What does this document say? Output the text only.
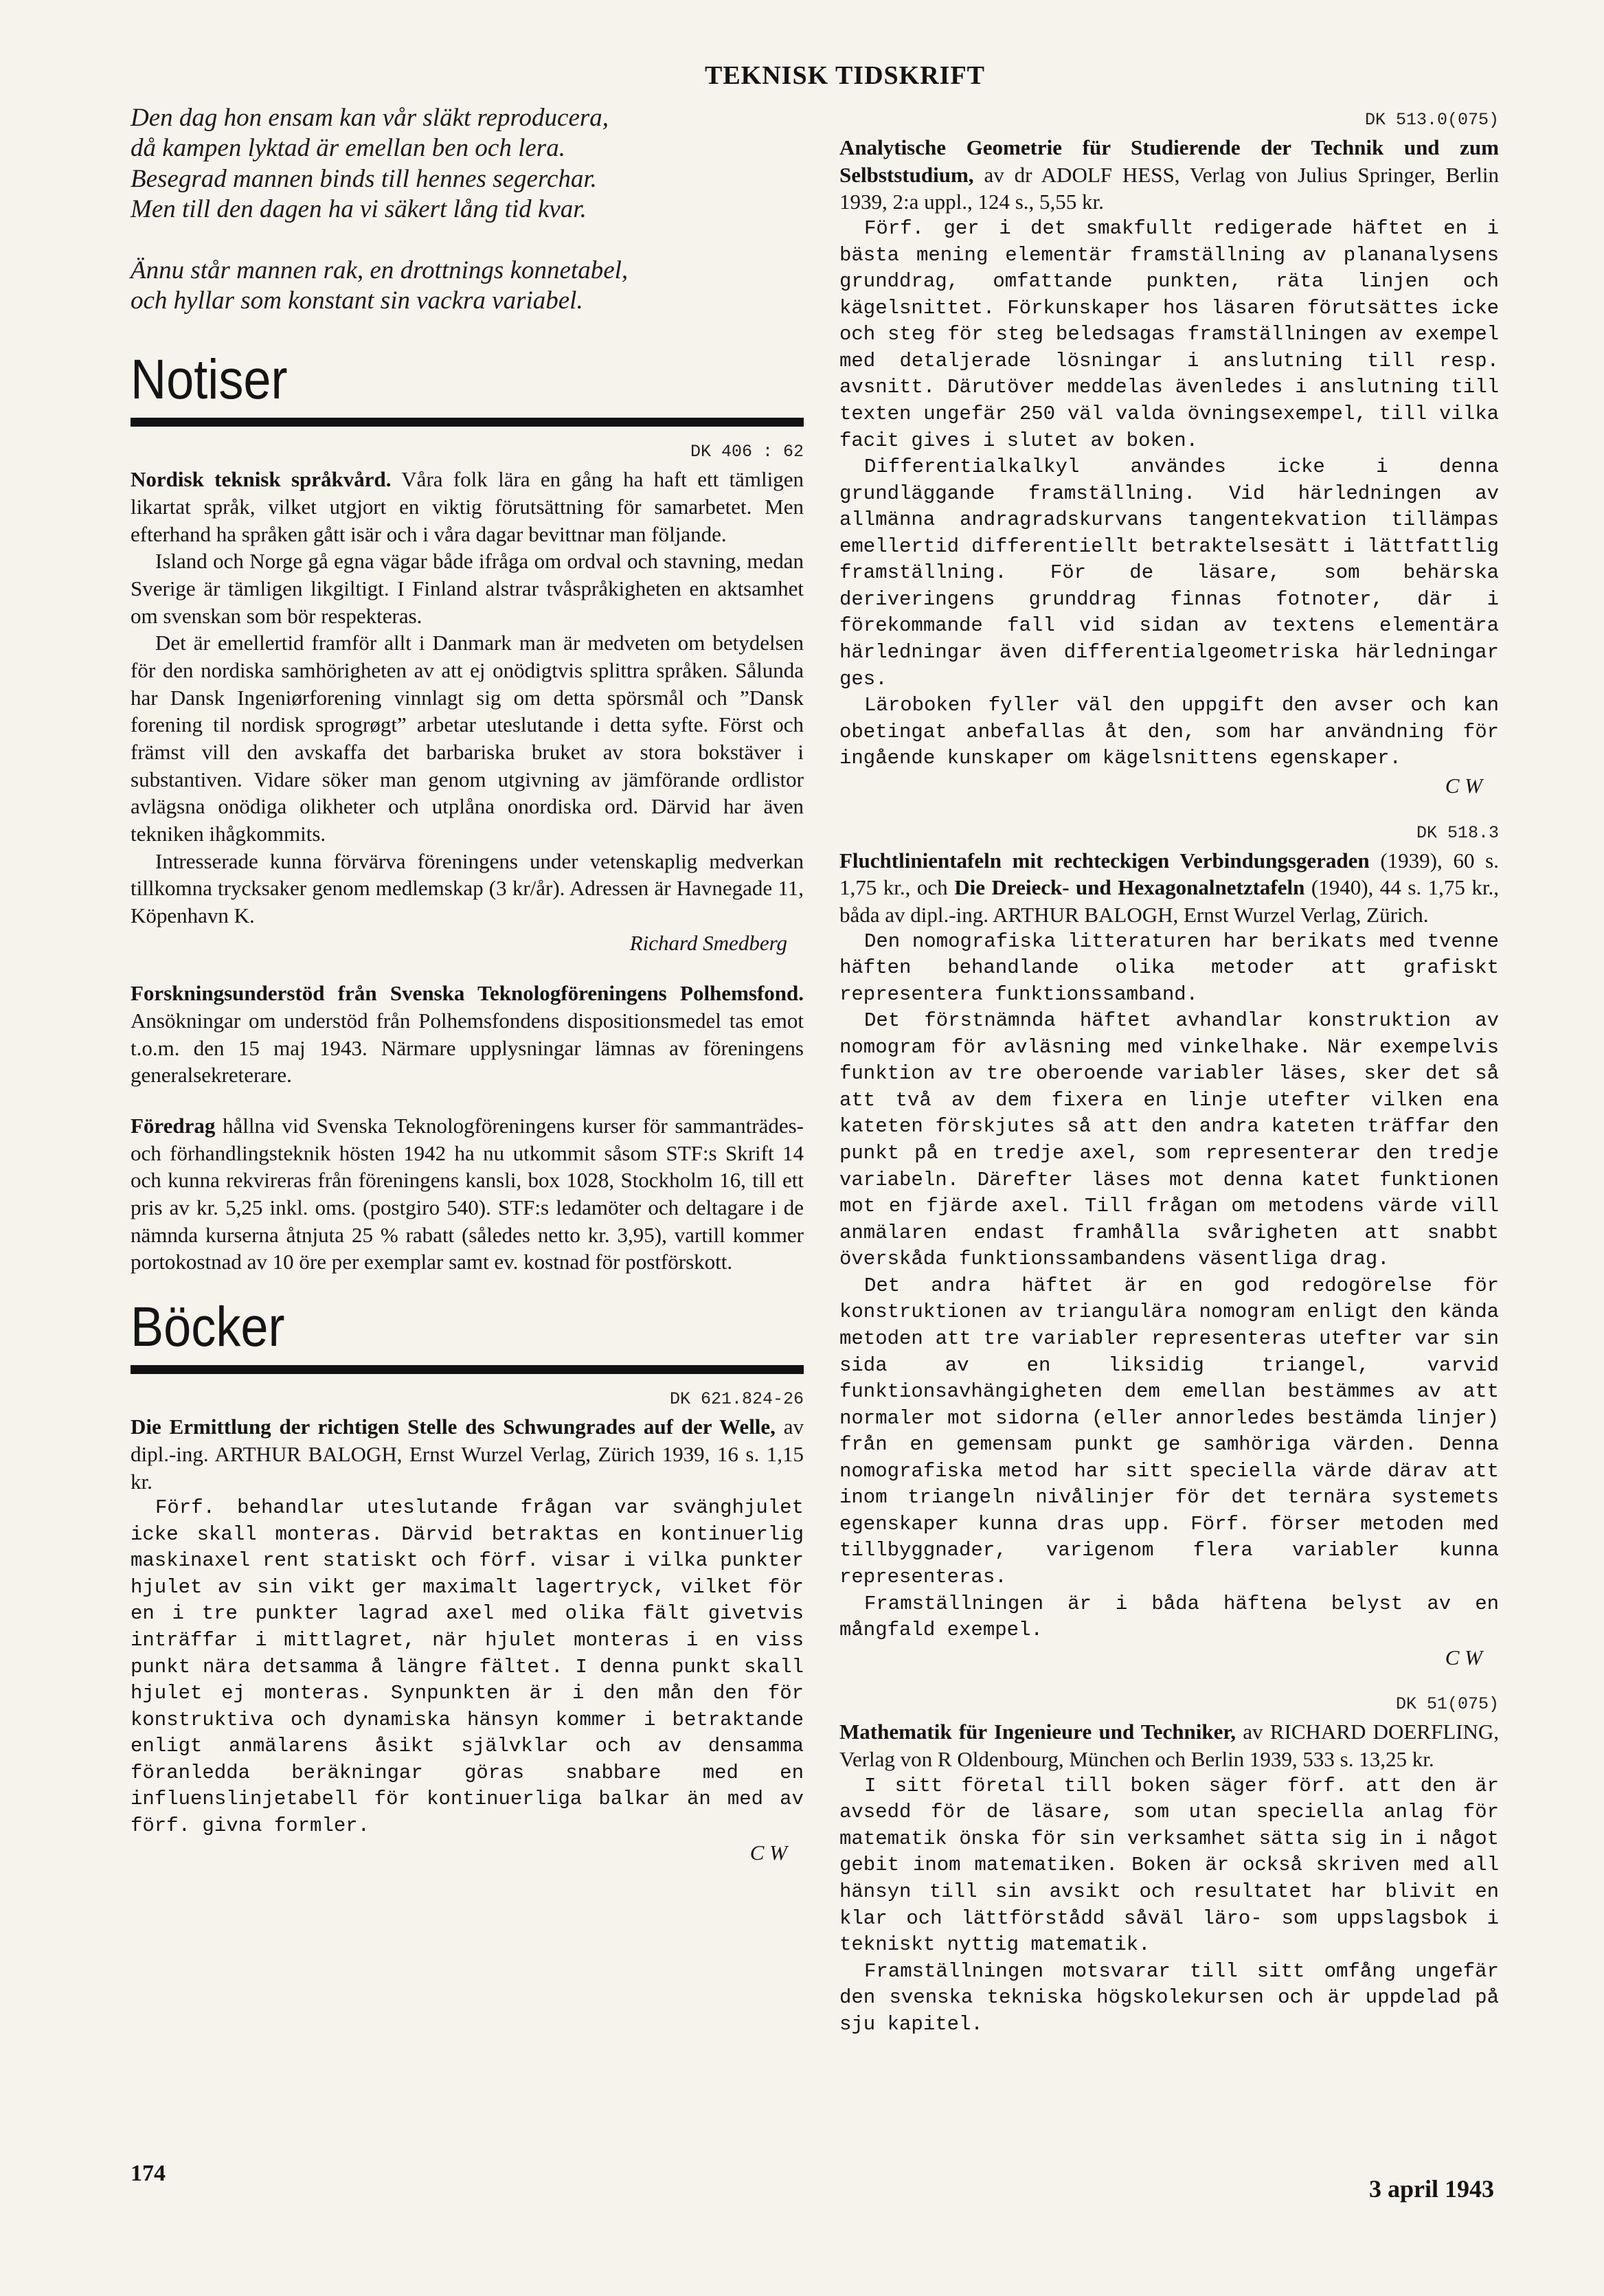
TEKNISK TIDSKRIFT
Den dag hon ensam kan vår släkt reproducera,
då kampen lyktad är emellan ben och lera.
Besegrad mannen binds till hennes segerchar.
Men till den dagen ha vi säkert lång tid kvar.
Ännu står mannen rak, en drottnings konnetabel,
och hyllar som konstant sin vackra variabel.
Notiser
DK 406 : 62

Nordisk teknisk språkvård. Våra folk lära en gång ha haft ett tämligen likartat språk, vilket utgjort en viktig förutsättning för samarbetet. Men efterhand ha språken gått isär och i våra dagar bevittnar man följande.

Island och Norge gå egna vägar både ifråga om ordval och stavning, medan Sverige är tämligen likgiltigt. I Finland alstrar tvåspråkigheten en aktsamhet om svenskan som bör respekteras.

Det är emellertid framför allt i Danmark man är medveten om betydelsen för den nordiska samhörigheten av att ej onödigtvis splittra språken. Sålunda har Dansk Ingeniørforening vinnlagt sig om detta spörsmål och ”Dansk forening til nordisk sprogrøgt” arbetar uteslutande i detta syfte. Först och främst vill den avskaffa det barbariska bruket av stora bokstäver i substantiven. Vidare söker man genom utgivning av jämförande ordlistor avlägsna onödiga olikheter och utplåna onordiska ord. Därvid har även tekniken ihågkommits.

Intresserade kunna förvärva föreningens under vetenskaplig medverkan tillkomna trycksaker genom medlemskap (3 kr/år). Adressen är Havnegade 11, Köpenhavn K.

Richard Smedberg

Forskningsunderstöd från Svenska Teknologföreningens Polhemsfond. Ansökningar om understöd från Polhemsfondens dispositionsmedel tas emot t.o.m. den 15 maj 1943. Närmare upplysningar lämnas av föreningens generalsekreterare.

Föredrag hållna vid Svenska Teknologföreningens kurser för sammanträdes- och förhandlingsteknik hösten 1942 ha nu utkommit såsom STF:s Skrift 14 och kunna rekvireras från föreningens kansli, box 1028, Stockholm 16, till ett pris av kr. 5,25 inkl. oms. (postgiro 540). STF:s ledamöter och deltagare i de nämnda kurserna åtnjuta 25 % rabatt (således netto kr. 3,95), vartill kommer portokostnad av 10 öre per exemplar samt ev. kostnad för postförskott.

Böcker
DK 621.824-26

Die Ermittlung der richtigen Stelle des Schwungrades auf der Welle, av dipl.-ing. ARTHUR BALOGH, Ernst Wurzel Verlag, Zürich 1939, 16 s. 1,15 kr.

Förf. behandlar uteslutande frågan var svänghjulet icke skall monteras. Därvid betraktas en kontinuerlig maskinaxel rent statiskt och förf. visar i vilka punkter hjulet av sin vikt ger maximalt lagertryck, vilket för en i tre punkter lagrad axel med olika fält givetvis inträffar i mittlagret, när hjulet monteras i en viss punkt nära detsamma å längre fältet. I denna punkt skall hjulet ej monteras. Synpunkten är i den mån den för konstruktiva och dynamiska hänsyn kommer i betraktande enligt anmälarens åsikt självklar och av densamma föranledda beräkningar göras snabbare med en influenslinjetabell för kontinuerliga balkar än med av förf. givna formler.

C W

DK 513.0(075)

Analytische Geometrie für Studierende der Technik und zum Selbststudium, av dr ADOLF HESS, Verlag von Julius Springer, Berlin 1939, 2:a uppl., 124 s., 5,55 kr.

Förf. ger i det smakfullt redigerade häftet en i bästa mening elementär framställning av plananalysens grunddrag, omfattande punkten, räta linjen och kägelsnittet. Förkunskaper hos läsaren förutsättes icke och steg för steg beledsagas framställningen av exempel med detaljerade lösningar i anslutning till resp. avsnitt. Därutöver meddelas ävenledes i anslutning till texten ungefär 250 väl valda övningsexempel, till vilka facit gives i slutet av boken.

Differentialkalkyl användes icke i denna grundläggande framställning. Vid härledningen av allmänna andragradskurvans tangentekvation tillämpas emellertid differentiellt betraktelsesätt i lättfattlig framställning. För de läsare, som behärska deriveringens grunddrag finnas fotnoter, där i förekommande fall vid sidan av textens elementära härledningar även differentialgeometriska härledningar ges.

Läroboken fyller väl den uppgift den avser och kan obetingat anbefallas åt den, som har användning för ingående kunskaper om kägelsnittens egenskaper.

C W

DK 518.3

Fluchtlinientafeln mit rechteckigen Verbindungsgeraden (1939), 60 s. 1,75 kr., och Die Dreieck- und Hexagonalnetztafeln (1940), 44 s. 1,75 kr., båda av dipl.-ing. ARTHUR BALOGH, Ernst Wurzel Verlag, Zürich.

Den nomografiska litteraturen har berikats med tvenne häften behandlande olika metoder att grafiskt representera funktionssamband.

Det förstnämnda häftet avhandlar konstruktion av nomogram för avläsning med vinkelhake. När exempelvis funktion av tre oberoende variabler läses, sker det så att två av dem fixera en linje utefter vilken ena kateten förskjutes så att den andra kateten träffar den punkt på en tredje axel, som representerar den tredje variabeln. Därefter läses mot denna katet funktionen mot en fjärde axel. Till frågan om metodens värde vill anmälaren endast framhålla svårigheten att snabbt överskåda funktionssambandens väsentliga drag.

Det andra häftet är en god redogörelse för konstruktionen av triangulära nomogram enligt den kända metoden att tre variabler representeras utefter var sin sida av en liksidig triangel, varvid funktionsavhängigheten dem emellan bestämmes av att normaler mot sidorna (eller annorledes bestämda linjer) från en gemensam punkt ge samhöriga värden. Denna nomografiska metod har sitt speciella värde därav att inom triangeln nivålinjer för det ternära systemets egenskaper kunna dras upp. Förf. förser metoden med tillbyggnader, varigenom flera variabler kunna representeras.

Framställningen är i båda häftena belyst av en mångfald exempel.

C W

DK 51(075)

Mathematik für Ingenieure und Techniker, av RICHARD DOERFLING, Verlag von R Oldenbourg, München och Berlin 1939, 533 s. 13,25 kr.

I sitt företal till boken säger förf. att den är avsedd för de läsare, som utan speciella anlag för matematik önska för sin verksamhet sätta sig in i något gebit inom matematiken. Boken är också skriven med all hänsyn till sin avsikt och resultatet har blivit en klar och lättförstådd såväl läro- som uppslagsbok i tekniskt nyttig matematik.

Framställningen motsvarar till sitt omfång ungefär den svenska tekniska högskolekursen och är uppdelad på sju kapitel.

174
3 april 1943
